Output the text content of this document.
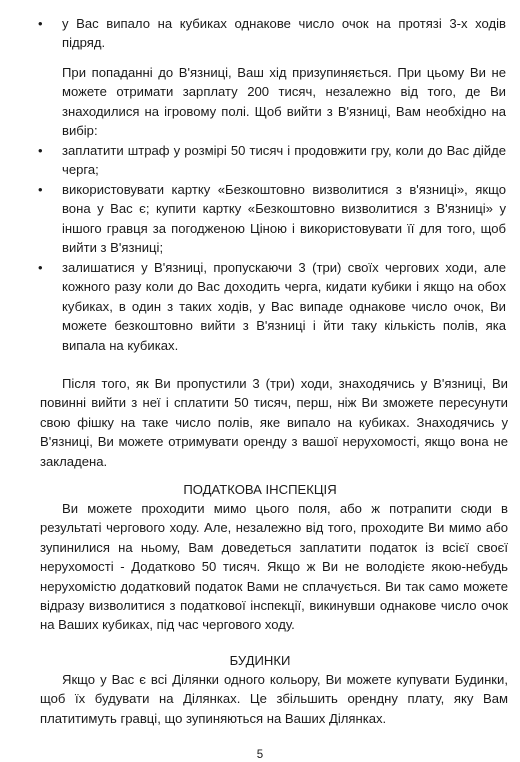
• у Вас випало на кубиках однакове число очок на протязі 3-х ходів підряд.

При попаданні до В'язниці, Ваш хід призупиняється. При цьому Ви не можете отримати зарплату 200 тисяч, незалежно від того, де Ви знаходилися на ігровому полі. Щоб вийти з В'язниці, Вам необхідно на вибір:

• заплатити штраф у розмірі 50 тисяч і продовжити гру, коли до Вас дійде черга;

• використовувати картку «Безкоштовно визволитися з в'язниці», якщо вона у Вас є; купити картку «Безкоштовно визволитися з В'язниці» у іншого гравця за погодженою Ціною і використовувати її для того, щоб вийти з В'язниці;

• залишатися у В'язниці, пропускаючи 3 (три) своїх чергових ходи, але кожного разу коли до Вас доходить черга, кидати кубики і якщо на обох кубиках, в один з таких ходів, у Вас випаде однакове число очок, Ви можете безкоштовно вийти з В'язниці і йти таку кількість полів, яка випала на кубиках.

Після того, як Ви пропустили 3 (три) ходи, знаходячись у В'язниці, Ви повинні вийти з неї і сплатити 50 тисяч, перш, ніж Ви зможете пересунути свою фішку на таке число полів, яке випало на кубиках. Знаходячись у В'язниці, Ви можете отримувати оренду з вашої нерухомості, якщо вона не закладена.

ПОДАТКОВА ІНСПЕКЦІЯ

Ви можете проходити мимо цього поля, або ж потрапити сюди в результаті чергового ходу. Але, незалежно від того, проходите Ви мимо або зупинилися на ньому, Вам доведеться заплатити податок із всієї своєї нерухомості - Додатково 50 тисяч. Якщо ж Ви не володієте якою-небудь нерухомістю додатковий податок Вами не сплачується. Ви так само можете відразу визволитися з податкової інспекції, викинувши однакове число очок на Ваших кубиках, під час чергового ходу.

БУДИНКИ

Якщо у Вас є всі Ділянки одного кольору, Ви можете купувати Будинки, щоб їх будувати на Ділянках. Це збільшить орендну плату, яку Вам платитимуть гравці, що зупиняються на Ваших Ділянках.

5
